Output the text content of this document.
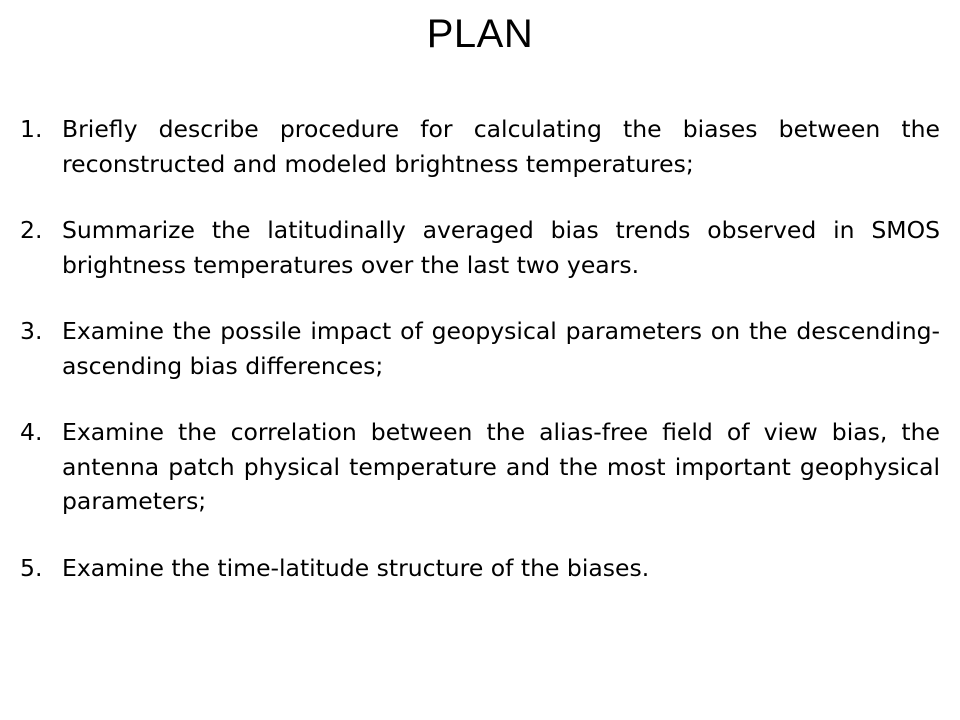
PLAN
1. Briefly describe procedure for calculating the biases between the reconstructed and modeled brightness temperatures;
2. Summarize the latitudinally averaged bias trends observed in SMOS brightness temperatures over the last two years.
3. Examine the possile impact of geopysical parameters on the descending-ascending bias differences;
4. Examine the correlation between the alias-free field of view bias, the antenna patch physical temperature and the most important geophysical parameters;
5. Examine the time-latitude structure of the biases.
